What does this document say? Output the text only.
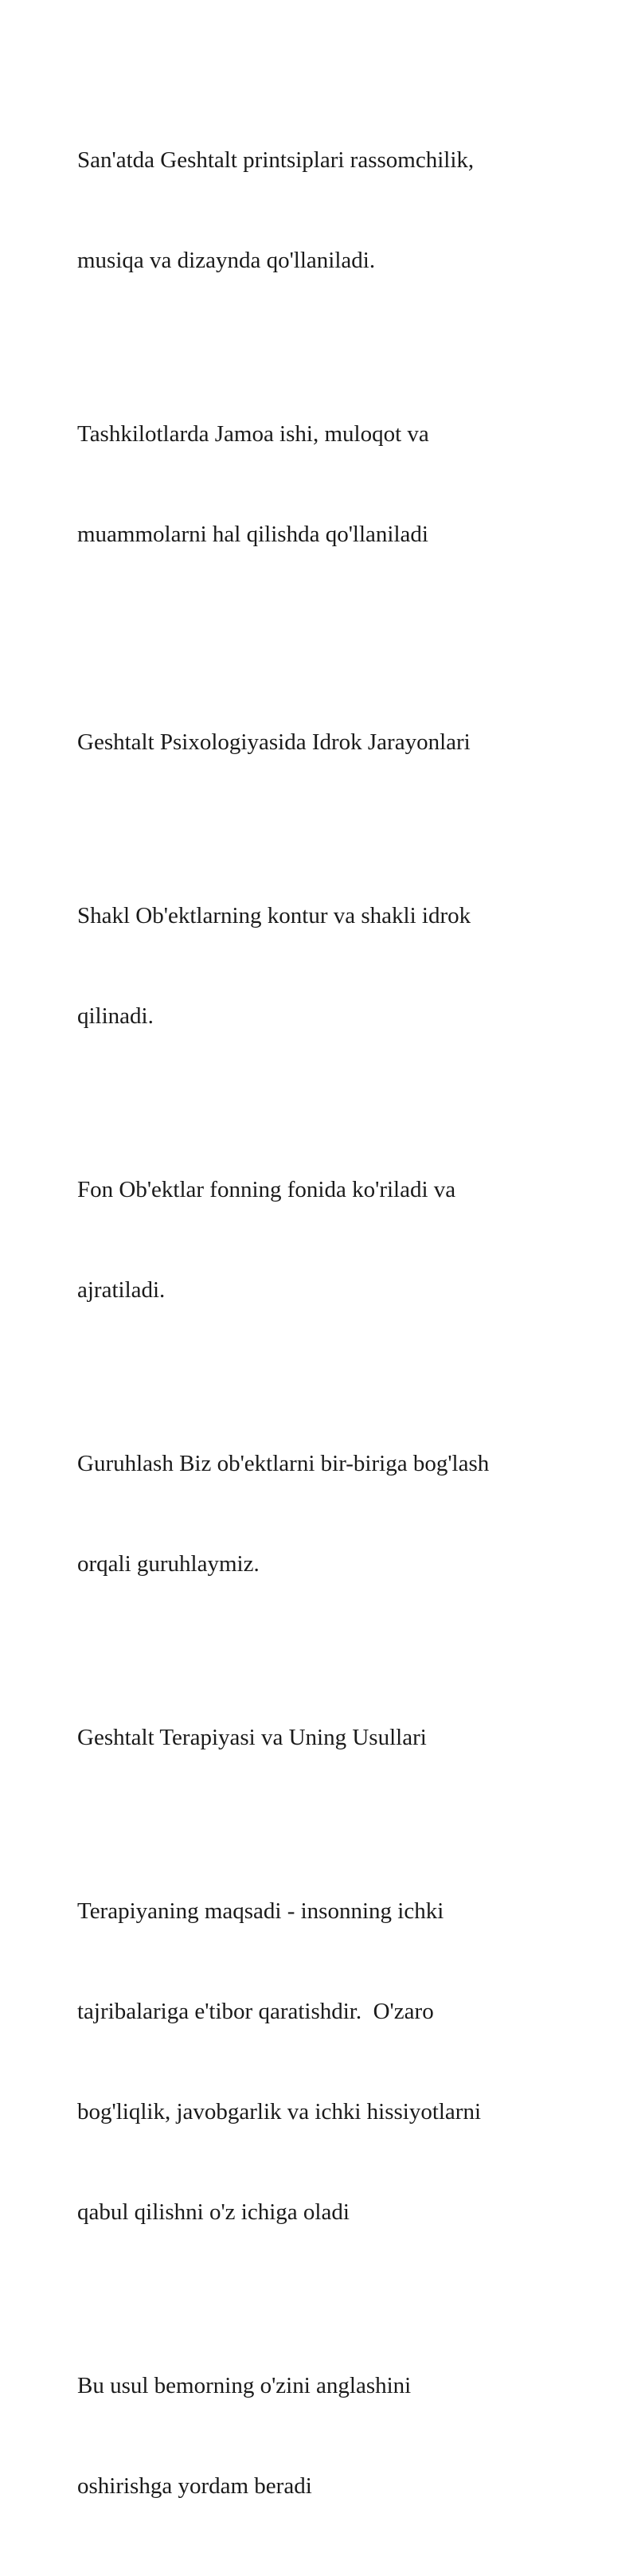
San'atda Geshtalt printsiplari rassomchilik,

musiqa va dizaynda qo'llaniladi.

Tashkilotlarda Jamoa ishi, muloqot va

muammolarni hal qilishda qo'llaniladi

Geshtalt Psixologiyasida Idrok Jarayonlari

Shakl Ob'ektlarning kontur va shakli idrok

qilinadi.

Fon Ob'ektlar fonning fonida ko'riladi va

ajratiladi.

Guruhlash Biz ob'ektlarni bir-biriga bog'lash

orqali guruhlaymiz.

Geshtalt Terapiyasi va Uning Usullari

Terapiyaning maqsadi - insonning ichki

tajribalariga e'tibor qaratishdir.  O'zaro

bog'liqlik, javobgarlik va ichki hissiyotlarni

qabul qilishni o'z ichiga oladi

Bu usul bemorning o'zini anglashini

oshirishga yordam beradi
